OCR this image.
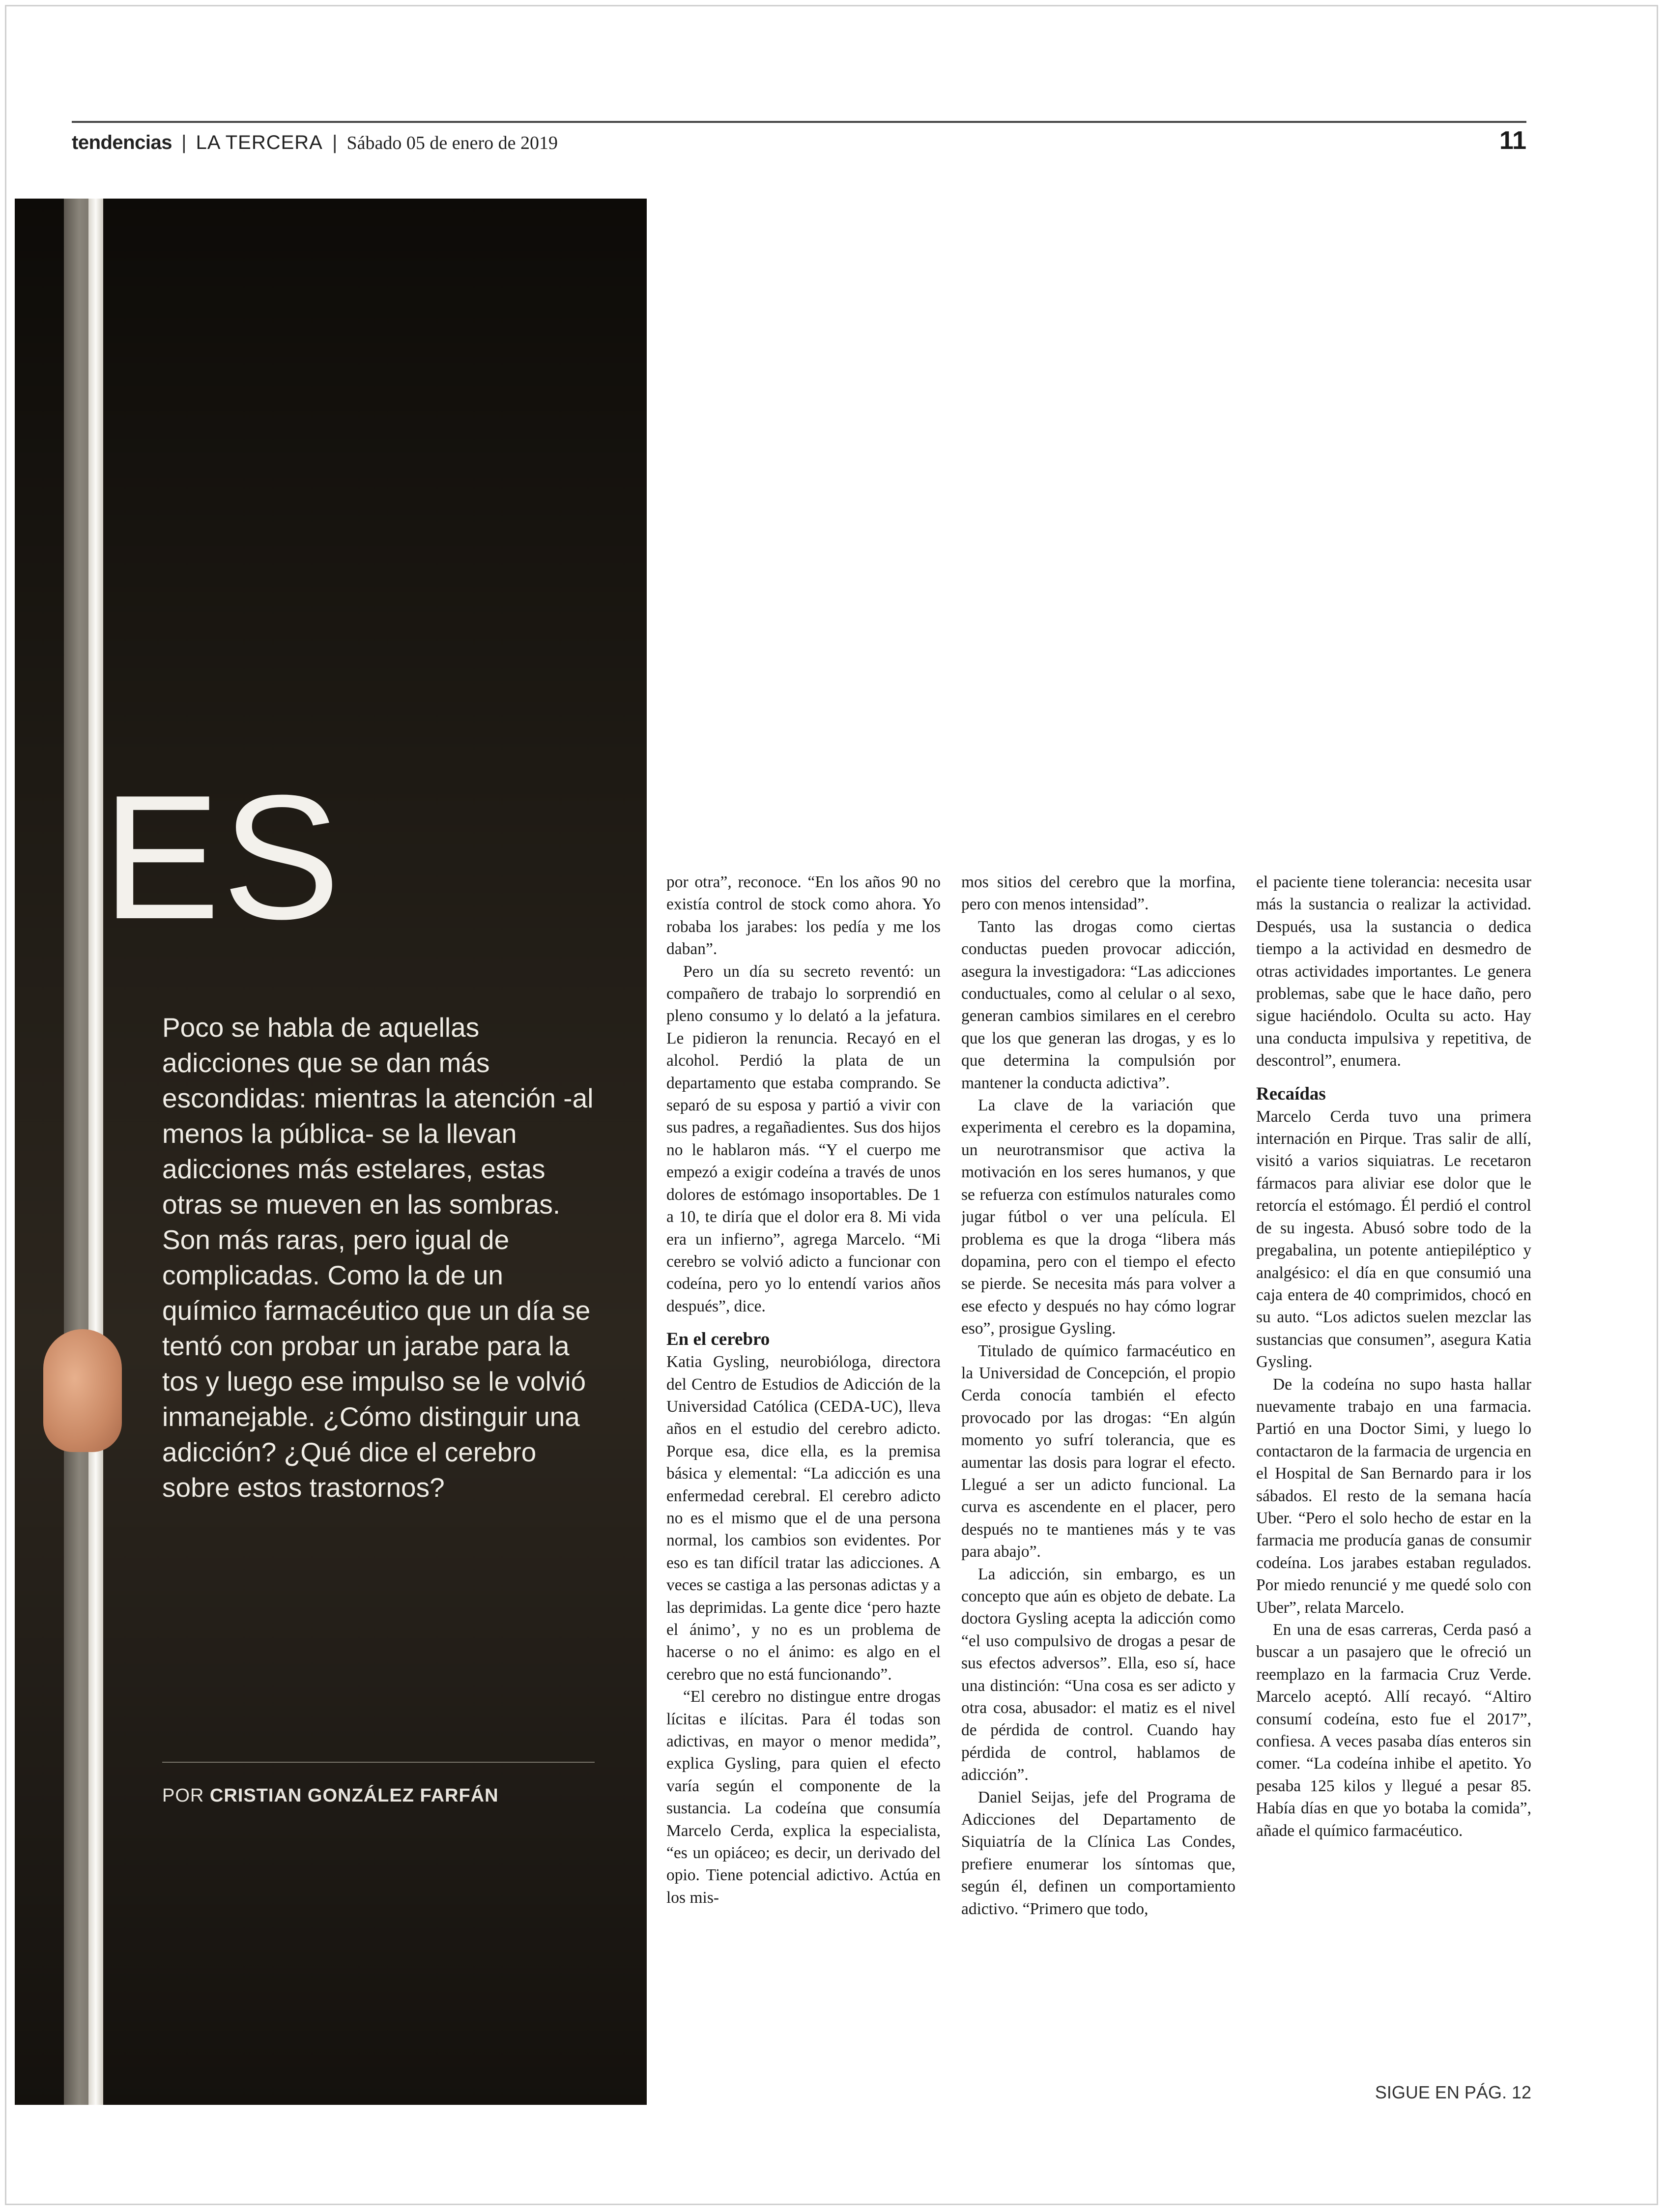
tendencias | LA TERCERA | Sábado 05 de enero de 2019	11
ES

Poco se habla de aquellas adicciones que se dan más escondidas: mientras la atención -al menos la pública- se la llevan adicciones más estelares, estas otras se mueven en las sombras. Son más raras, pero igual de complicadas. Como la de un químico farmacéutico que un día se tentó con probar un jarabe para la tos y luego ese impulso se le volvió inmanejable. ¿Cómo distinguir una adicción? ¿Qué dice el cerebro sobre estos trastornos?

POR CRISTIAN GONZÁLEZ FARFÁN

por otra”, reconoce. “En los años 90 no existía control de stock como ahora. Yo robaba los jarabes: los pedía y me los daban”.

Pero un día su secreto reventó: un compañero de trabajo lo sorprendió en pleno consumo y lo delató a la jefatura. Le pidieron la renuncia. Recayó en el alcohol. Perdió la plata de un departamento que estaba comprando. Se separó de su esposa y partió a vivir con sus padres, a regañadientes. Sus dos hijos no le hablaron más. “Y el cuerpo me empezó a exigir codeína a través de unos dolores de estómago insoportables. De 1 a 10, te diría que el dolor era 8. Mi vida era un infierno”, agrega Marcelo. “Mi cerebro se volvió adicto a funcionar con codeína, pero yo lo entendí varios años después”, dice.

En el cerebro

Katia Gysling, neurobióloga, directora del Centro de Estudios de Adicción de la Universidad Católica (CEDA-UC), lleva años en el estudio del cerebro adicto. Porque esa, dice ella, es la premisa básica y elemental: “La adicción es una enfermedad cerebral. El cerebro adicto no es el mismo que el de una persona normal, los cambios son evidentes. Por eso es tan difícil tratar las adicciones. A veces se castiga a las personas adictas y a las deprimidas. La gente dice ‘pero hazte el ánimo’, y no es un problema de hacerse o no el ánimo: es algo en el cerebro que no está funcionando”.

“El cerebro no distingue entre drogas lícitas e ilícitas. Para él todas son adictivas, en mayor o menor medida”, explica Gysling, para quien el efecto varía según el componente de la sustancia. La codeína que consumía Marcelo Cerda, explica la especialista, “es un opiáceo; es decir, un derivado del opio. Tiene potencial adictivo. Actúa en los mis-

mos sitios del cerebro que la morfina, pero con menos intensidad”.

Tanto las drogas como ciertas conductas pueden provocar adicción, asegura la investigadora: “Las adicciones conductuales, como al celular o al sexo, generan cambios similares en el cerebro que los que generan las drogas, y es lo que determina la compulsión por mantener la conducta adictiva”.

La clave de la variación que experimenta el cerebro es la dopamina, un neurotransmisor que activa la motivación en los seres humanos, y que se refuerza con estímulos naturales como jugar fútbol o ver una película. El problema es que la droga “libera más dopamina, pero con el tiempo el efecto se pierde. Se necesita más para volver a ese efecto y después no hay cómo lograr eso”, prosigue Gysling.

Titulado de químico farmacéutico en la Universidad de Concepción, el propio Cerda conocía también el efecto provocado por las drogas: “En algún momento yo sufrí tolerancia, que es aumentar las dosis para lograr el efecto. Llegué a ser un adicto funcional. La curva es ascendente en el placer, pero después no te mantienes más y te vas para abajo”.

La adicción, sin embargo, es un concepto que aún es objeto de debate. La doctora Gysling acepta la adicción como “el uso compulsivo de drogas a pesar de sus efectos adversos”. Ella, eso sí, hace una distinción: “Una cosa es ser adicto y otra cosa, abusador: el matiz es el nivel de pérdida de control. Cuando hay pérdida de control, hablamos de adicción”.

Daniel Seijas, jefe del Programa de Adicciones del Departamento de Siquiatría de la Clínica Las Condes, prefiere enumerar los síntomas que, según él, definen un comportamiento adictivo. “Primero que todo,

el paciente tiene tolerancia: necesita usar más la sustancia o realizar la actividad. Después, usa la sustancia o dedica tiempo a la actividad en desmedro de otras actividades importantes. Le genera problemas, sabe que le hace daño, pero sigue haciéndolo. Oculta su acto. Hay una conducta impulsiva y repetitiva, de descontrol”, enumera.

Recaídas

Marcelo Cerda tuvo una primera internación en Pirque. Tras salir de allí, visitó a varios siquiatras. Le recetaron fármacos para aliviar ese dolor que le retorcía el estómago. Él perdió el control de su ingesta. Abusó sobre todo de la pregabalina, un potente antiepiléptico y analgésico: el día en que consumió una caja entera de 40 comprimidos, chocó en su auto. “Los adictos suelen mezclar las sustancias que consumen”, asegura Katia Gysling.

De la codeína no supo hasta hallar nuevamente trabajo en una farmacia. Partió en una Doctor Simi, y luego lo contactaron de la farmacia de urgencia en el Hospital de San Bernardo para ir los sábados. El resto de la semana hacía Uber. “Pero el solo hecho de estar en la farmacia me producía ganas de consumir codeína. Los jarabes estaban regulados. Por miedo renuncié y me quedé solo con Uber”, relata Marcelo.

En una de esas carreras, Cerda pasó a buscar a un pasajero que le ofreció un reemplazo en la farmacia Cruz Verde. Marcelo aceptó. Allí recayó. “Altiro consumí codeína, esto fue el 2017”, confiesa. A veces pasaba días enteros sin comer. “La codeína inhibe el apetito. Yo pesaba 125 kilos y llegué a pesar 85. Había días en que yo botaba la comida”, añade el químico farmacéutico.

SIGUE EN PÁG. 12
